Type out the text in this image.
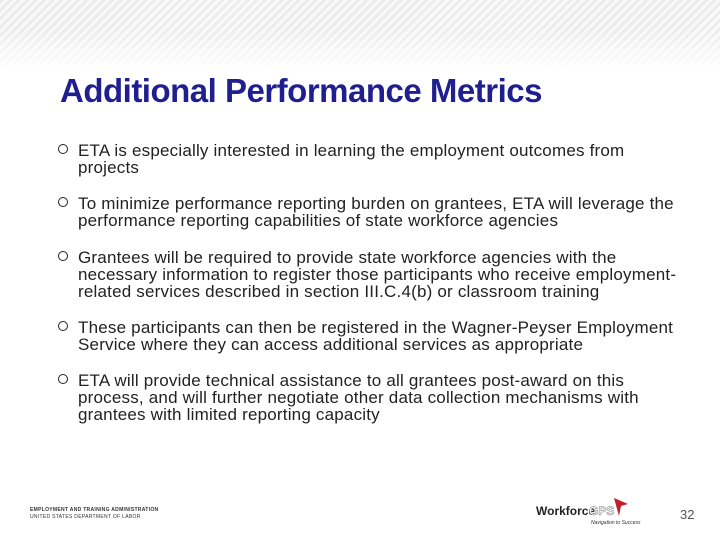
Additional Performance Metrics
ETA is especially interested in learning the employment outcomes from projects
To minimize performance reporting burden on grantees, ETA will leverage the performance reporting capabilities of state workforce agencies
Grantees will be required to provide state workforce agencies with the necessary information to register those participants who receive employment-related services described in section III.C.4(b) or classroom training
These participants can then be registered in the Wagner-Peyser Employment Service where they can access additional services as appropriate
ETA will provide technical assistance to all grantees post-award on this process, and will further negotiate other data collection mechanisms with grantees with limited reporting capacity
EMPLOYMENT AND TRAINING ADMINISTRATION
UNITED STATES DEPARTMENT OF LABOR	Workforce
GPS
Navigation to Success
32
